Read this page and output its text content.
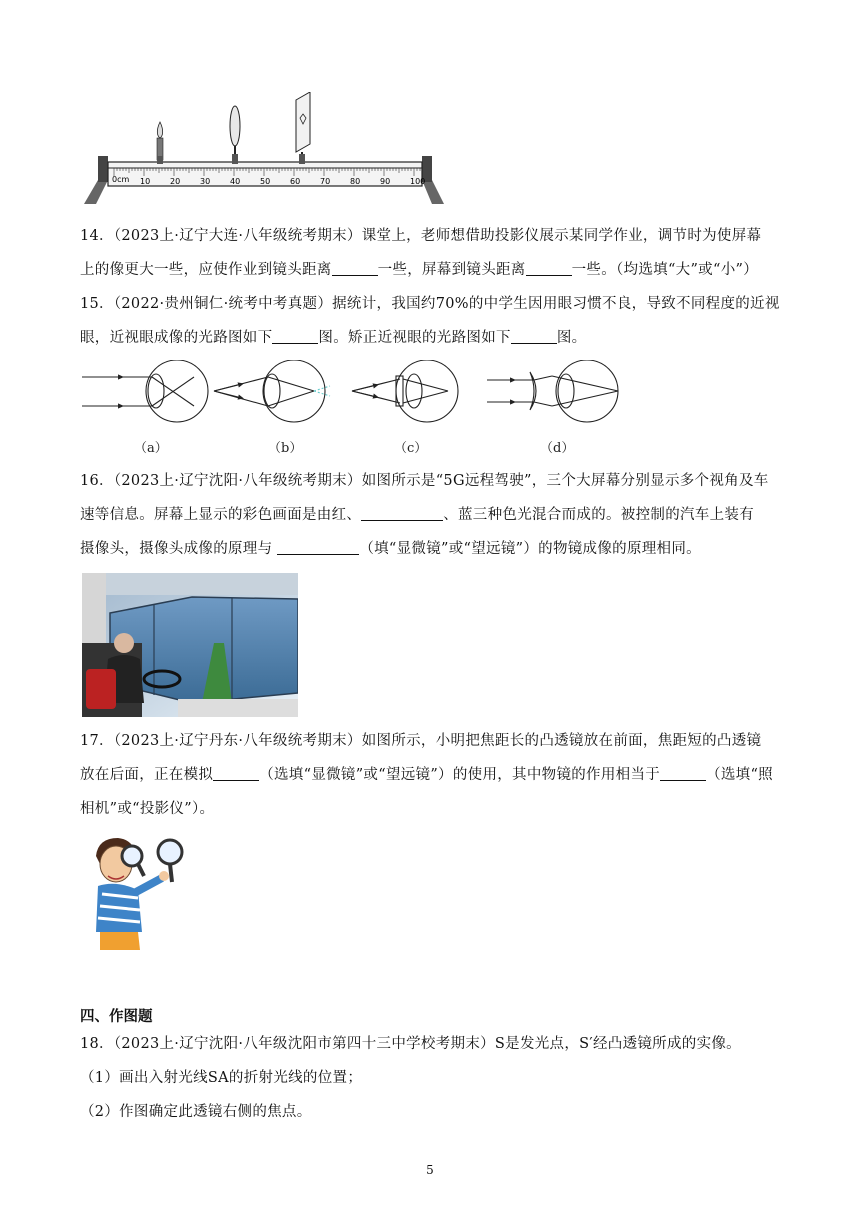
0cm 10 20 30 40 50 60 70 80 90 100
14．（2023上·辽宁大连·八年级统考期末）课堂上，老师想借助投影仪展示某同学作业，调节时为使屏幕
上的像更大一些，应使作业到镜头距离	一些，屏幕到镜头距离	一些。（均选填“大”或“小”）
15．（2022·贵州铜仁·统考中考真题）据统计，我国约70%的中学生因用眼习惯不良，导致不同程度的近视
眼，近视眼成像的光路图如下	图。矫正近视眼的光路图如下	图。
（a）	（b）	（c）	（d）
16．（2023上·辽宁沈阳·八年级统考期末）如图所示是“5G远程驾驶”，三个大屏幕分别显示多个视角及车
速等信息。屏幕上显示的彩色画面是由红、	、蓝三种色光混合而成的。被控制的汽车上装有
摄像头，摄像头成像的原理与	（填“显微镜”或“望远镜”）的物镜成像的原理相同。
17．（2023上·辽宁丹东·八年级统考期末）如图所示，小明把焦距长的凸透镜放在前面，焦距短的凸透镜
放在后面，正在模拟	（选填“显微镜”或“望远镜”）的使用，其中物镜的作用相当于	（选填“照
相机”或“投影仪”）。
四、作图题
18．（2023上·辽宁沈阳·八年级沈阳市第四十三中学校考期末）S是发光点，S′经凸透镜所成的实像。
（1）画出入射光线SA的折射光线的位置；
（2）作图确定此透镜右侧的焦点。
5
